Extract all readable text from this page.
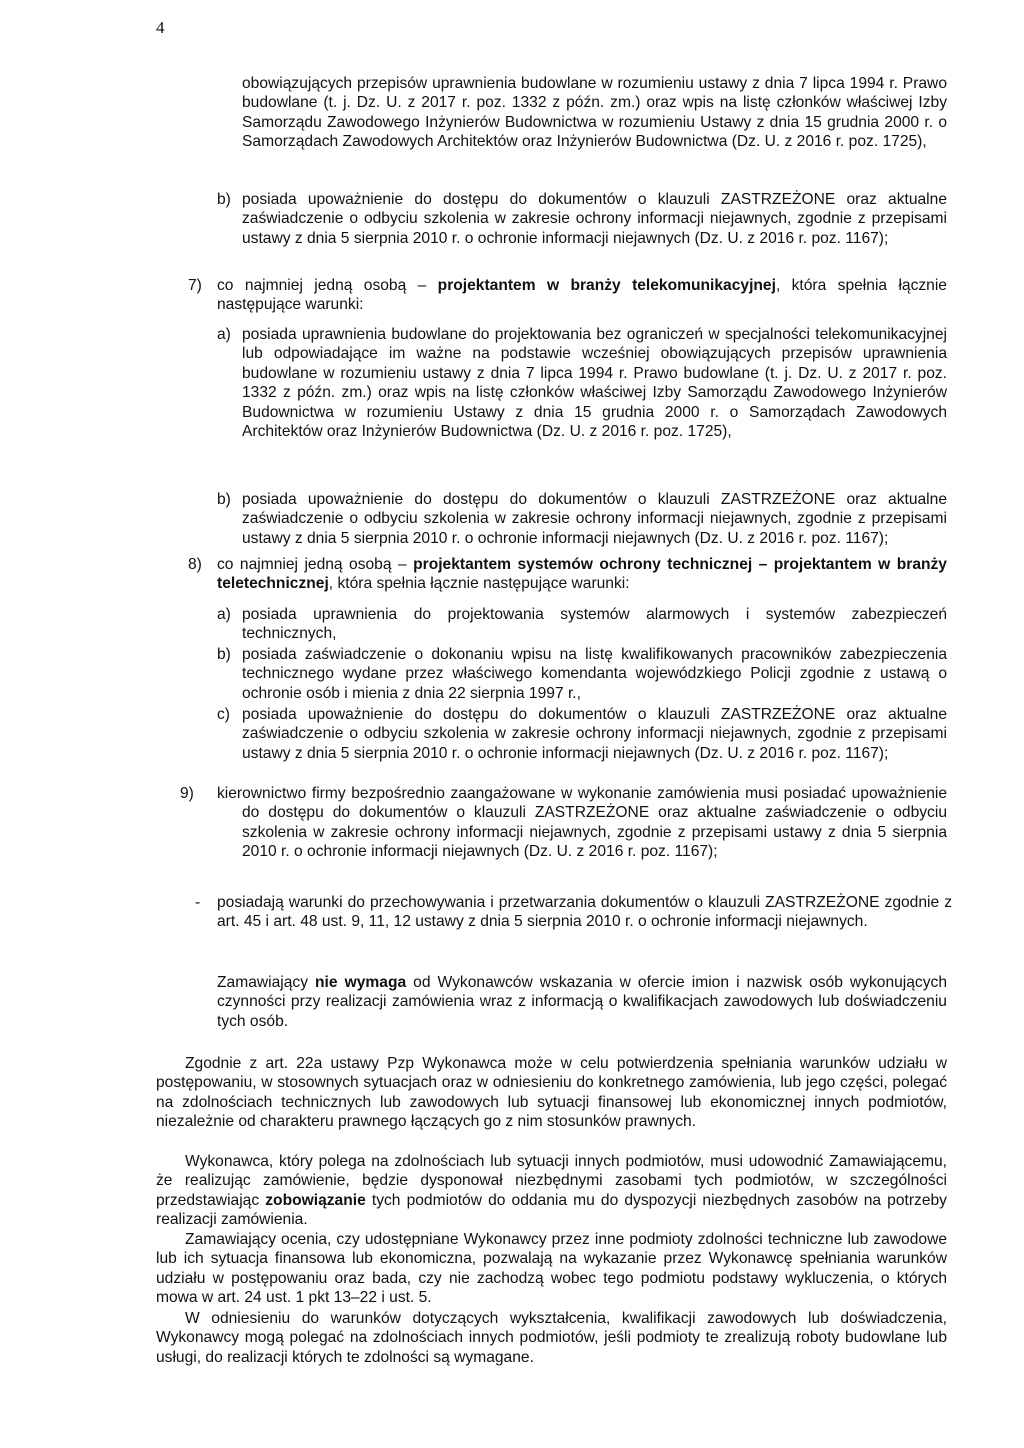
4
obowiązujących przepisów uprawnienia budowlane w rozumieniu ustawy z dnia 7 lipca 1994 r. Prawo budowlane (t. j. Dz. U. z 2017 r. poz. 1332 z późn. zm.) oraz wpis na listę członków właściwej Izby Samorządu Zawodowego Inżynierów Budownictwa w rozumieniu Ustawy z dnia 15 grudnia 2000 r. o Samorządach Zawodowych Architektów oraz Inżynierów Budownictwa (Dz. U. z 2016 r. poz. 1725),
b) posiada upoważnienie do dostępu do dokumentów o klauzuli ZASTRZEŻONE oraz aktualne zaświadczenie o odbyciu szkolenia w zakresie ochrony informacji niejawnych, zgodnie z przepisami ustawy z dnia 5 sierpnia 2010 r. o ochronie informacji niejawnych (Dz. U. z 2016 r. poz. 1167);
7) co najmniej jedną osobą – projektantem w branży telekomunikacyjnej, która spełnia łącznie następujące warunki:
a) posiada uprawnienia budowlane do projektowania bez ograniczeń w specjalności telekomunikacyjnej lub odpowiadające im ważne na podstawie wcześniej obowiązujących przepisów uprawnienia budowlane w rozumieniu ustawy z dnia 7 lipca 1994 r. Prawo budowlane (t. j. Dz. U. z 2017 r. poz. 1332 z późn. zm.) oraz wpis na listę członków właściwej Izby Samorządu Zawodowego Inżynierów Budownictwa w rozumieniu Ustawy z dnia 15 grudnia 2000 r. o Samorządach Zawodowych Architektów oraz Inżynierów Budownictwa (Dz. U. z 2016 r. poz. 1725),
b) posiada upoważnienie do dostępu do dokumentów o klauzuli ZASTRZEŻONE oraz aktualne zaświadczenie o odbyciu szkolenia w zakresie ochrony informacji niejawnych, zgodnie z przepisami ustawy z dnia 5 sierpnia 2010 r. o ochronie informacji niejawnych (Dz. U. z 2016 r. poz. 1167);
8) co najmniej jedną osobą – projektantem systemów ochrony technicznej – projektantem w branży teletechnicznej, która spełnia łącznie następujące warunki:
a) posiada uprawnienia do projektowania systemów alarmowych i systemów zabezpieczeń technicznych,
b) posiada zaświadczenie o dokonaniu wpisu na listę kwalifikowanych pracowników zabezpieczenia technicznego wydane przez właściwego komendanta wojewódzkiego Policji zgodnie z ustawą o ochronie osób i mienia z dnia 22 sierpnia 1997 r.,
c) posiada upoważnienie do dostępu do dokumentów o klauzuli ZASTRZEŻONE oraz aktualne zaświadczenie o odbyciu szkolenia w zakresie ochrony informacji niejawnych, zgodnie z przepisami ustawy z dnia 5 sierpnia 2010 r. o ochronie informacji niejawnych (Dz. U. z 2016 r. poz. 1167);
9) kierownictwo firmy bezpośrednio zaangażowane w wykonanie zamówienia musi posiadać upoważnienie do dostępu do dokumentów o klauzuli ZASTRZEŻONE oraz aktualne zaświadczenie o odbyciu szkolenia w zakresie ochrony informacji niejawnych, zgodnie z przepisami ustawy z dnia 5 sierpnia 2010 r. o ochronie informacji niejawnych (Dz. U. z 2016 r. poz. 1167);
- posiadają warunki do przechowywania i przetwarzania dokumentów o klauzuli ZASTRZEŻONE zgodnie z art. 45 i art. 48 ust. 9, 11, 12 ustawy z dnia 5 sierpnia 2010 r. o ochronie informacji niejawnych.
Zamawiający nie wymaga od Wykonawców wskazania w ofercie imion i nazwisk osób wykonujących czynności przy realizacji zamówienia wraz z informacją o kwalifikacjach zawodowych lub doświadczeniu tych osób.
Zgodnie z art. 22a ustawy Pzp Wykonawca może w celu potwierdzenia spełniania warunków udziału w postępowaniu, w stosownych sytuacjach oraz w odniesieniu do konkretnego zamówienia, lub jego części, polegać na zdolnościach technicznych lub zawodowych lub sytuacji finansowej lub ekonomicznej innych podmiotów, niezależnie od charakteru prawnego łączących go z nim stosunków prawnych.
Wykonawca, który polega na zdolnościach lub sytuacji innych podmiotów, musi udowodnić Zamawiającemu, że realizując zamówienie, będzie dysponował niezbędnymi zasobami tych podmiotów, w szczególności przedstawiając zobowiązanie tych podmiotów do oddania mu do dyspozycji niezbędnych zasobów na potrzeby realizacji zamówienia.
Zamawiający ocenia, czy udostępniane Wykonawcy przez inne podmioty zdolności techniczne lub zawodowe lub ich sytuacja finansowa lub ekonomiczna, pozwalają na wykazanie przez Wykonawcę spełniania warunków udziału w postępowaniu oraz bada, czy nie zachodzą wobec tego podmiotu podstawy wykluczenia, o których mowa w art. 24 ust. 1 pkt 13–22 i ust. 5.
W odniesieniu do warunków dotyczących wykształcenia, kwalifikacji zawodowych lub doświadczenia, Wykonawcy mogą polegać na zdolnościach innych podmiotów, jeśli podmioty te zrealizują roboty budowlane lub usługi, do realizacji których te zdolności są wymagane.
